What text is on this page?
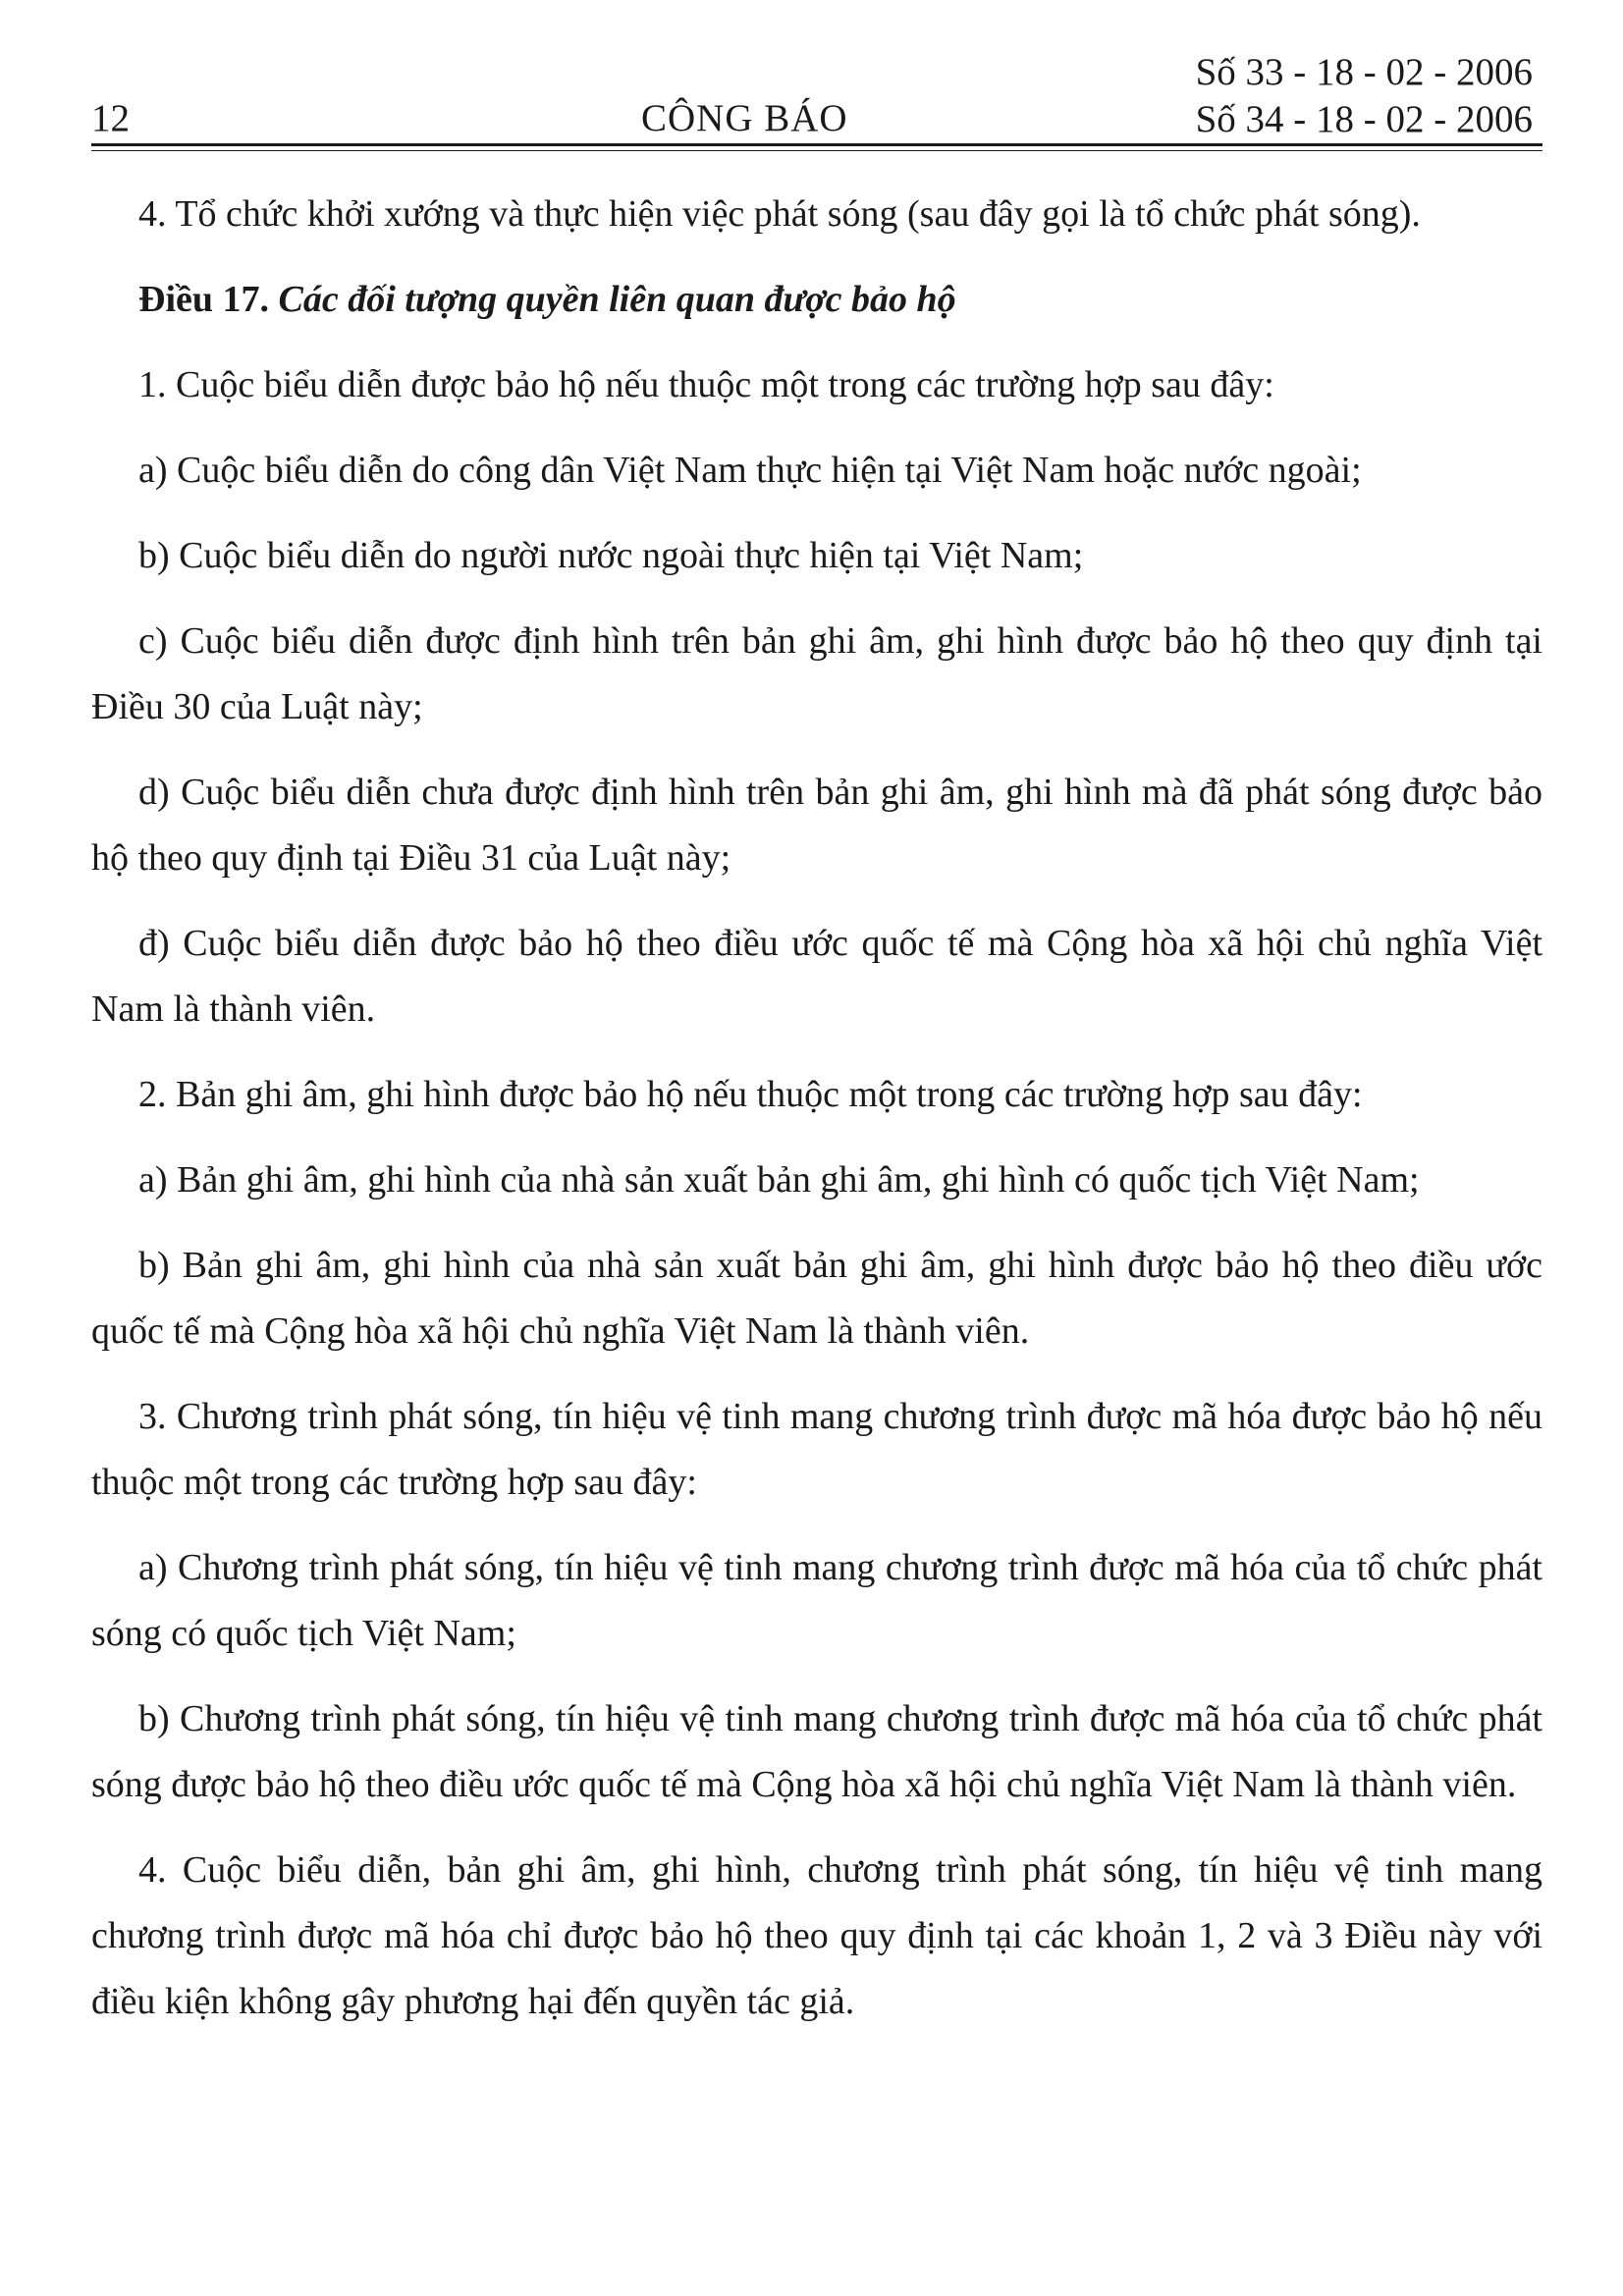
12	CÔNG BÁO
Số 33 - 18 - 02 - 2006
Số 34 - 18 - 02 - 2006

4. Tổ chức khởi xướng và thực hiện việc phát sóng (sau đây gọi là tổ chức phát sóng).

Điều 17. Các đối tượng quyền liên quan được bảo hộ

1. Cuộc biểu diễn được bảo hộ nếu thuộc một trong các trường hợp sau đây:

a) Cuộc biểu diễn do công dân Việt Nam thực hiện tại Việt Nam hoặc nước ngoài;

b) Cuộc biểu diễn do người nước ngoài thực hiện tại Việt Nam;

c) Cuộc biểu diễn được định hình trên bản ghi âm, ghi hình được bảo hộ theo quy định tại Điều 30 của Luật này;

d) Cuộc biểu diễn chưa được định hình trên bản ghi âm, ghi hình mà đã phát sóng được bảo hộ theo quy định tại Điều 31 của Luật này;

đ) Cuộc biểu diễn được bảo hộ theo điều ước quốc tế mà Cộng hòa xã hội chủ nghĩa Việt Nam là thành viên.

2. Bản ghi âm, ghi hình được bảo hộ nếu thuộc một trong các trường hợp sau đây:

a) Bản ghi âm, ghi hình của nhà sản xuất bản ghi âm, ghi hình có quốc tịch Việt Nam;

b) Bản ghi âm, ghi hình của nhà sản xuất bản ghi âm, ghi hình được bảo hộ theo điều ước quốc tế mà Cộng hòa xã hội chủ nghĩa Việt Nam là thành viên.

3. Chương trình phát sóng, tín hiệu vệ tinh mang chương trình được mã hóa được bảo hộ nếu thuộc một trong các trường hợp sau đây:

a) Chương trình phát sóng, tín hiệu vệ tinh mang chương trình được mã hóa của tổ chức phát sóng có quốc tịch Việt Nam;

b) Chương trình phát sóng, tín hiệu vệ tinh mang chương trình được mã hóa của tổ chức phát sóng được bảo hộ theo điều ước quốc tế mà Cộng hòa xã hội chủ nghĩa Việt Nam là thành viên.

4. Cuộc biểu diễn, bản ghi âm, ghi hình, chương trình phát sóng, tín hiệu vệ tinh mang chương trình được mã hóa chỉ được bảo hộ theo quy định tại các khoản 1, 2 và 3 Điều này với điều kiện không gây phương hại đến quyền tác giả.
